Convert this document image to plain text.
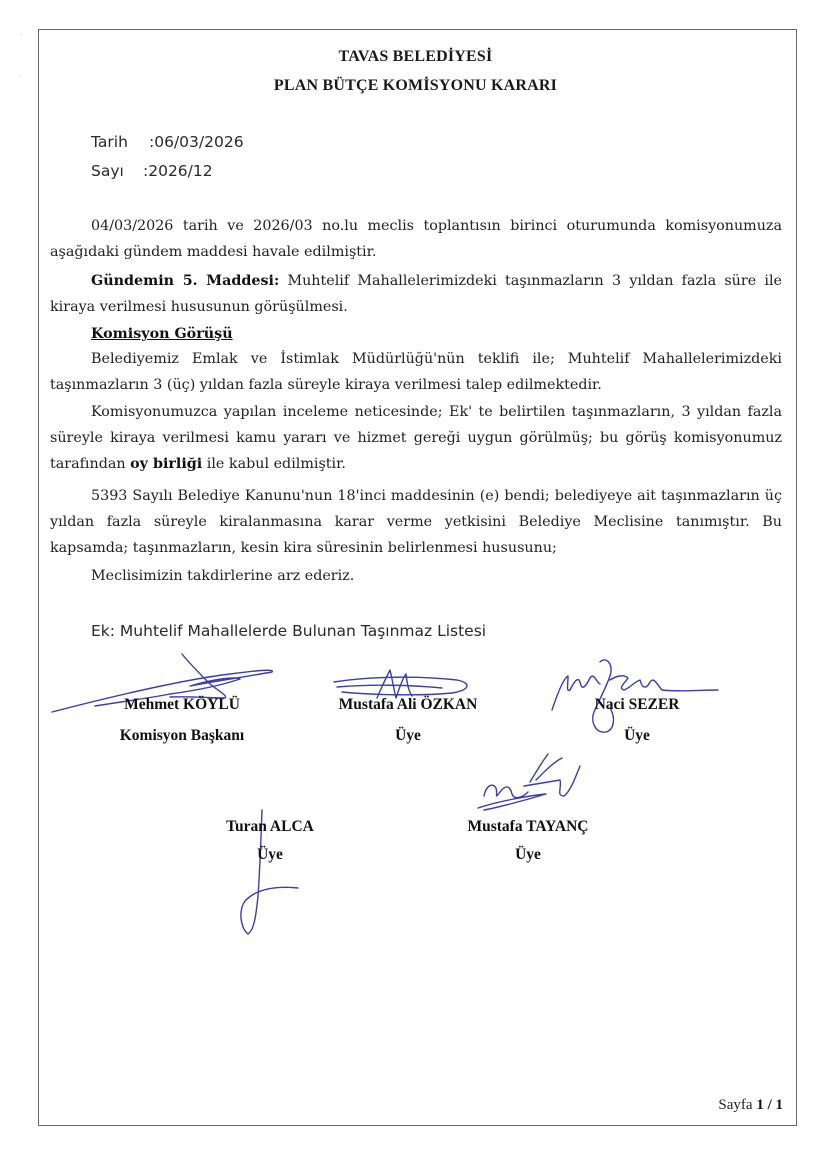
·
·
TAVAS BELEDİYESİ
PLAN BÜTÇE KOMİSYONU KARARI
Tarih :06/03/2026
Sayı :2026/12
04/03/2026 tarih ve 2026/03 no.lu meclis toplantısın birinci oturumunda komisyonumuza aşağıdaki gündem maddesi havale edilmiştir.
Gündemin 5. Maddesi: Muhtelif Mahallelerimizdeki taşınmazların 3 yıldan fazla süre ile kiraya verilmesi hususunun görüşülmesi.
Komisyon Görüşü
Belediyemiz Emlak ve İstimlak Müdürlüğü'nün teklifi ile; Muhtelif Mahallelerimizdeki taşınmazların 3 (üç) yıldan fazla süreyle kiraya verilmesi talep edilmektedir.
Komisyonumuzca yapılan inceleme neticesinde; Ek' te belirtilen taşınmazların, 3 yıldan fazla süreyle kiraya verilmesi kamu yararı ve hizmet gereği uygun görülmüş; bu görüş komisyonumuz tarafından oy birliği ile kabul edilmiştir.
5393 Sayılı Belediye Kanunu'nun 18'inci maddesinin (e) bendi; belediyeye ait taşınmazların üç yıldan fazla süreyle kiralanmasına karar verme yetkisini Belediye Meclisine tanımıştır. Bu kapsamda; taşınmazların, kesin kira süresinin belirlenmesi hususunu;
Meclisimizin takdirlerine arz ederiz.
Ek: Muhtelif Mahallelerde Bulunan Taşınmaz Listesi
Mehmet KÖYLÜ
Komisyon Başkanı
Mustafa Ali ÖZKAN
Üye
Naci SEZER
Üye
Turan ALCA
Üye
Mustafa TAYANÇ
Üye
Sayfa 1 / 1
